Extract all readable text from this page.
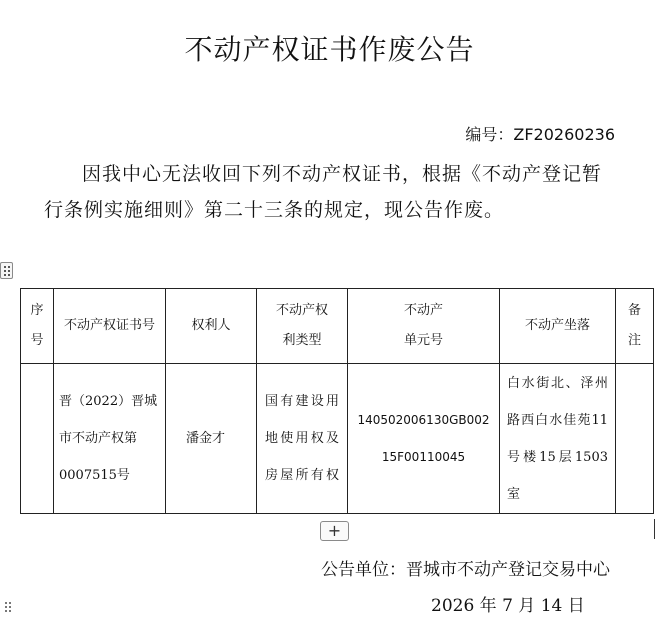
不动产权证书作废公告
编号：ZF20260236
因我中心无法收回下列不动产权证书，根据《不动产登记暂行条例实施细则》第二十三条的规定，现公告作废。
序号	不动产权证书号	权利人	不动产权利类型	不动产单元号	不动产坐落	备注

	晋（2022）晋城市不动产权第0007515号	潘金才	国有建设用地使用权及房屋所有权	140502006130GB00215F00110045	白水街北、泽州路西白水佳苑11号楼15层1503室	
+
公告单位：晋城市不动产登记交易中心
2026 年 7 月 14 日
